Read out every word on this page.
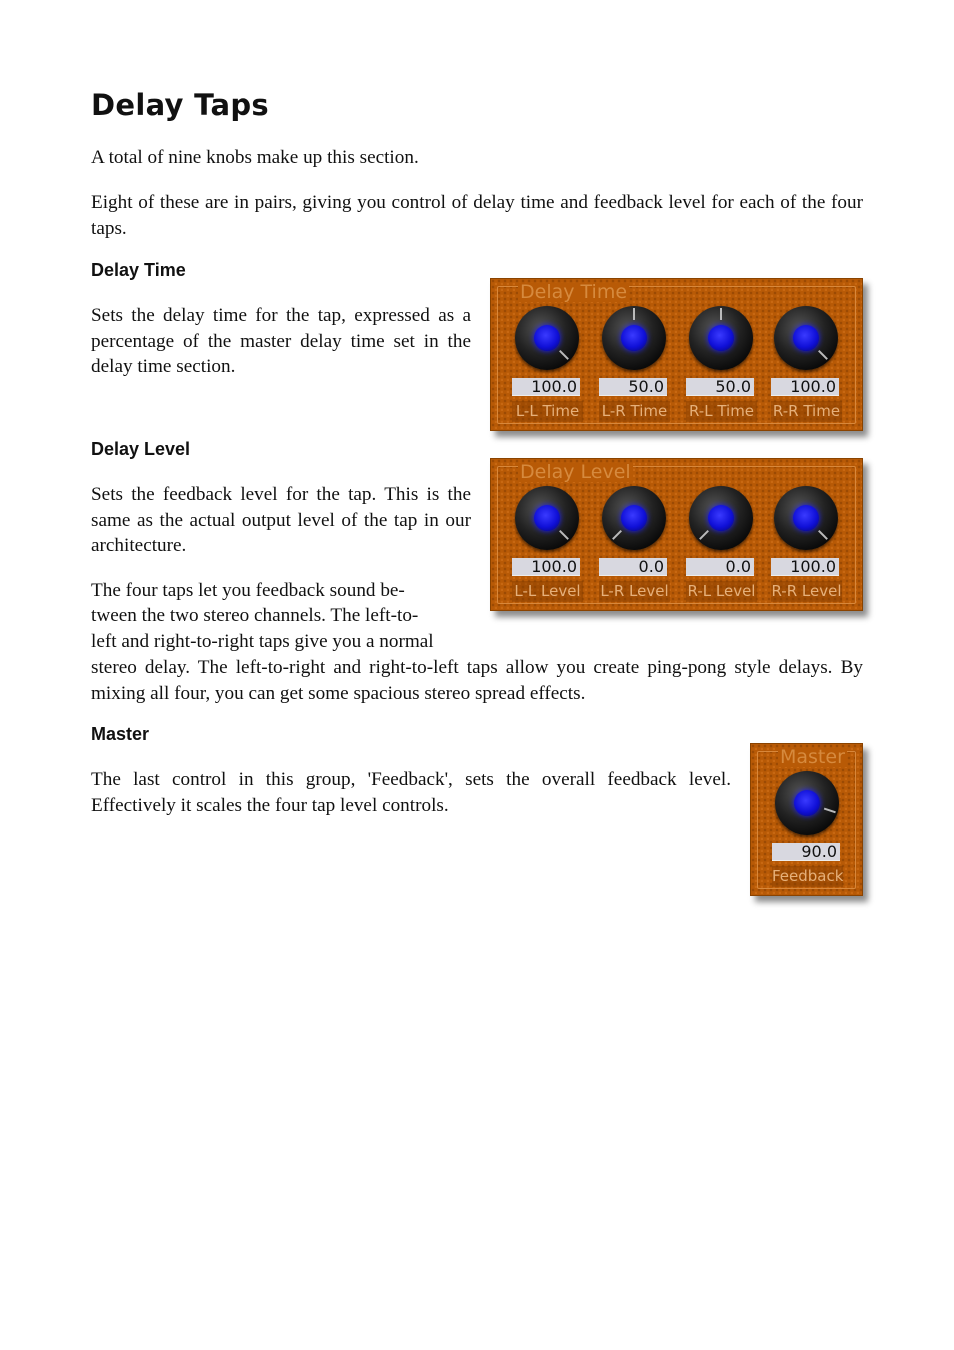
Delay Taps

A total of nine knobs make up this section.

Eight of these are in pairs, giving you control of delay time and feedback level for each of the four taps.

Delay Time

Sets the delay time for the tap, expressed as a percentage of the master delay time set in the delay time section.

Delay Time
100.0
L-L Time
50.0
L-R Time
50.0
R-L Time
100.0
R-R Time
Delay Level

Sets the feedback level for the tap. This is the same as the actual output level of the tap in our architecture.

The four taps let you feedback sound be-

tween the two stereo channels. The left-to-

left and right-to-right taps give you a normal

stereo delay. The left-to-right and right-to-left taps allow you create ping-pong style delays. By mixing all four, you can get some spacious stereo spread effects.

Delay Level
100.0
L-L Level
0.0
L-R Level
0.0
R-L Level
100.0
R-R Level
Master

The last control in this group, 'Feedback', sets the overall feedback level. Effectively it scales the four tap level controls.

Master
90.0
Feedback
